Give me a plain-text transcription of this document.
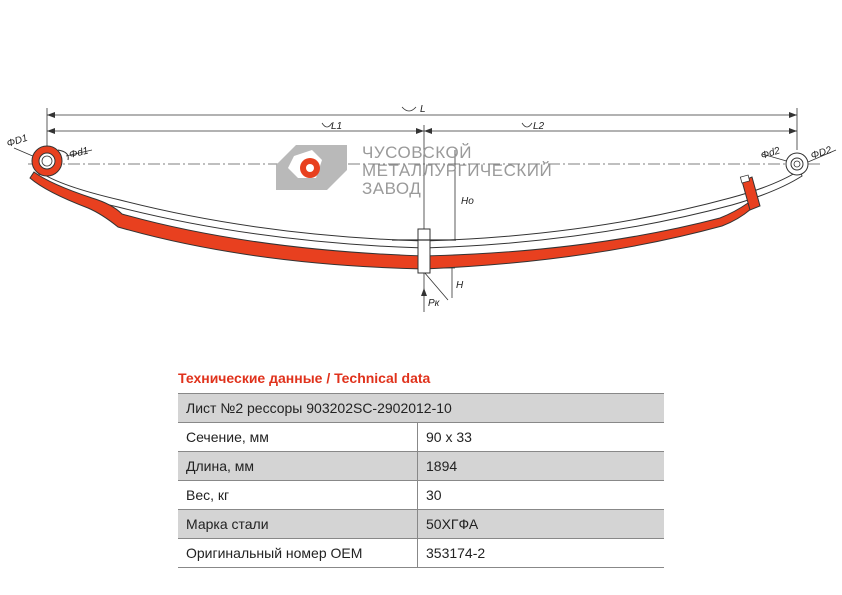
ЧУСОВСКОЙ
МЕТАЛЛУРГИЧЕСКИЙ
ЗАВОД
L
L1	L2
Ho
H
Pк
ΦD1
Φd1	Φd2	ΦD2
Технические данные / Technical data
Лист №2 рессоры 903202SC-2902012-10	
Сечение, мм	90 х 33
Длина, мм	1894
Вес, кг	30
Марка стали	50ХГФА
Оригинальный номер OEM	353174-2
